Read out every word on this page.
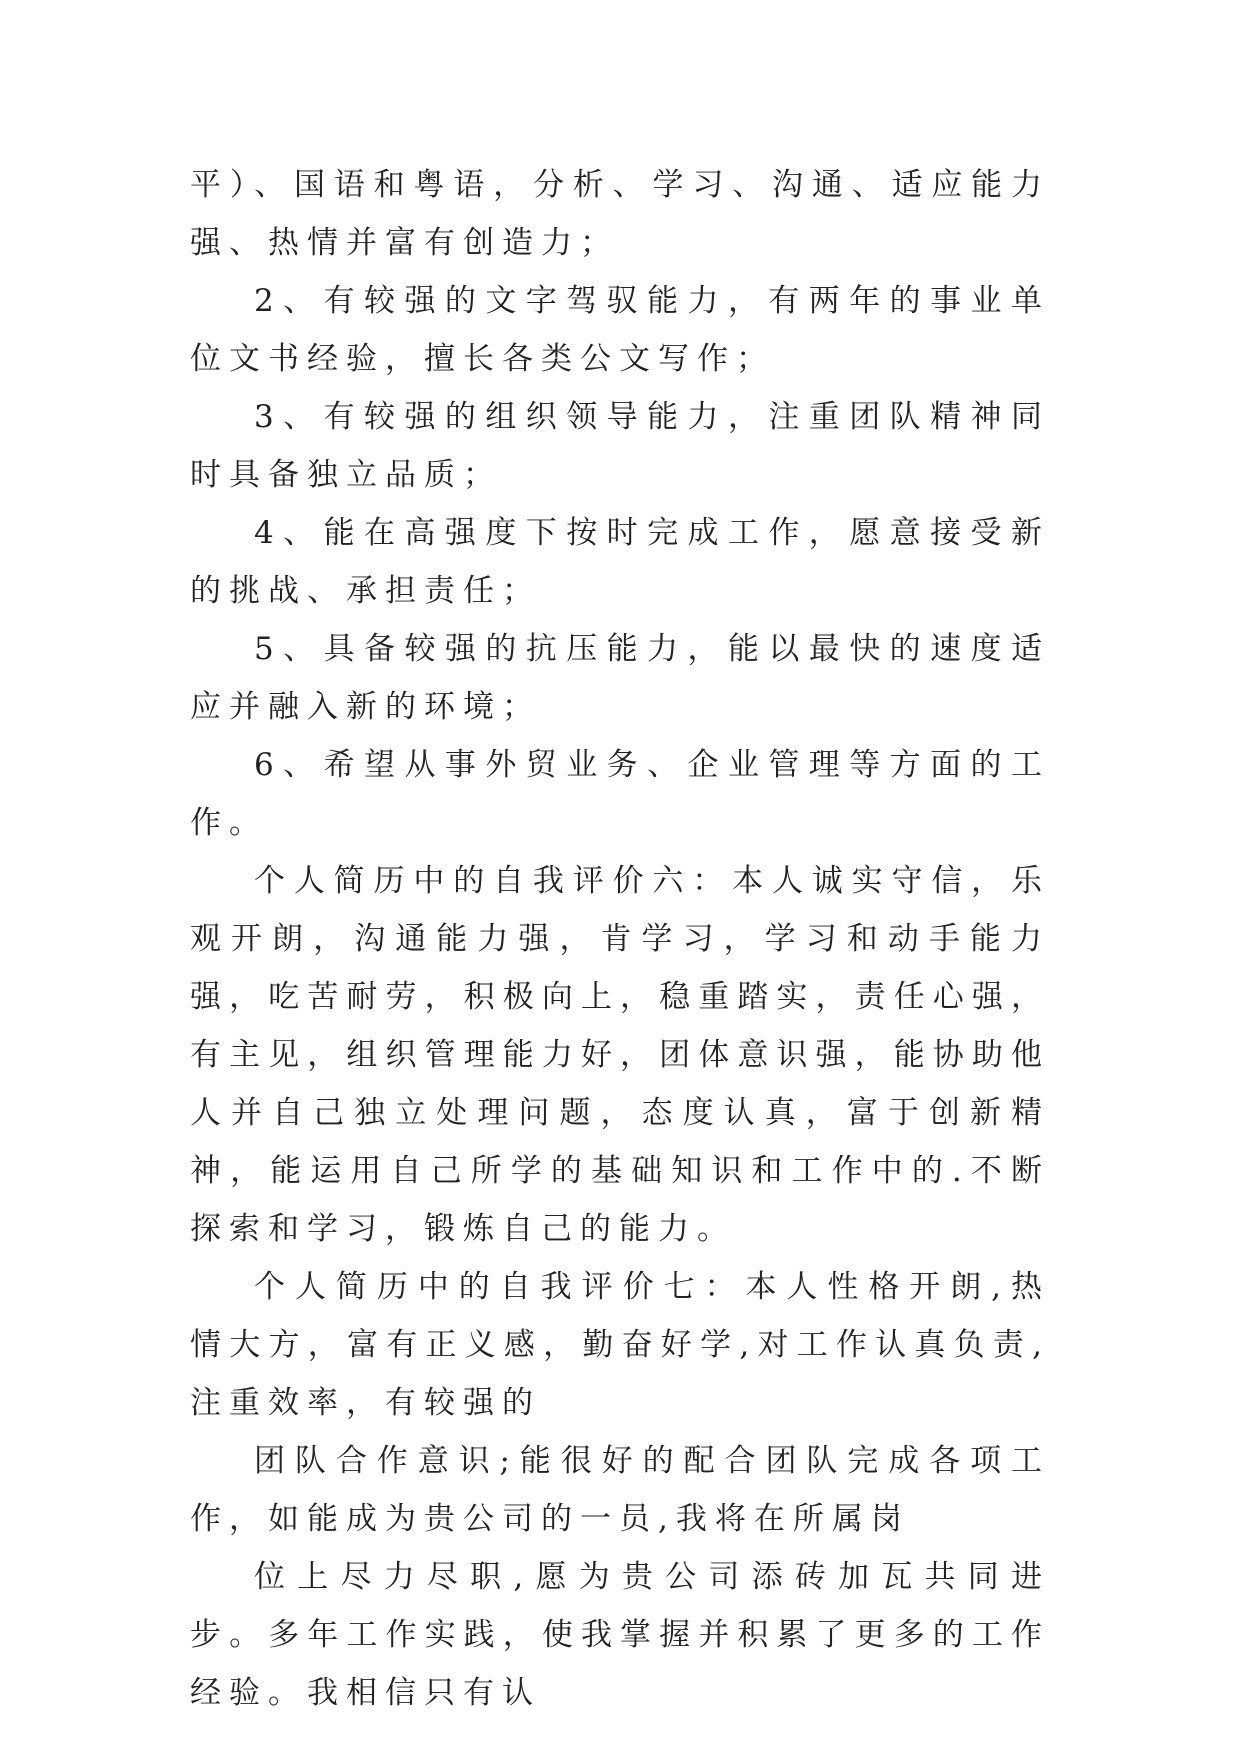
平）、国语和粤语，分析、学习、沟通、适应能力强、热情并富有创造力；

2、有较强的文字驾驭能力，有两年的事业单位文书经验，擅长各类公文写作；

3、有较强的组织领导能力，注重团队精神同时具备独立品质；

4、能在高强度下按时完成工作，愿意接受新的挑战、承担责任；

5、具备较强的抗压能力，能以最快的速度适应并融入新的环境；

6、希望从事外贸业务、企业管理等方面的工作。

个人简历中的自我评价六：本人诚实守信，乐观开朗，沟通能力强，肯学习，学习和动手能力强，吃苦耐劳，积极向上，稳重踏实，责任心强，有主见，组织管理能力好，团体意识强，能协助他人并自己独立处理问题，态度认真，富于创新精神，能运用自己所学的基础知识和工作中的.不断探索和学习，锻炼自己的能力。

个人简历中的自我评价七：本人性格开朗,热情大方，富有正义感，勤奋好学,对工作认真负责,注重效率，有较强的

团队合作意识;能很好的配合团队完成各项工作，如能成为贵公司的一员,我将在所属岗

位上尽力尽职,愿为贵公司添砖加瓦共同进步。多年工作实践，使我掌握并积累了更多的工作经验。我相信只有认
